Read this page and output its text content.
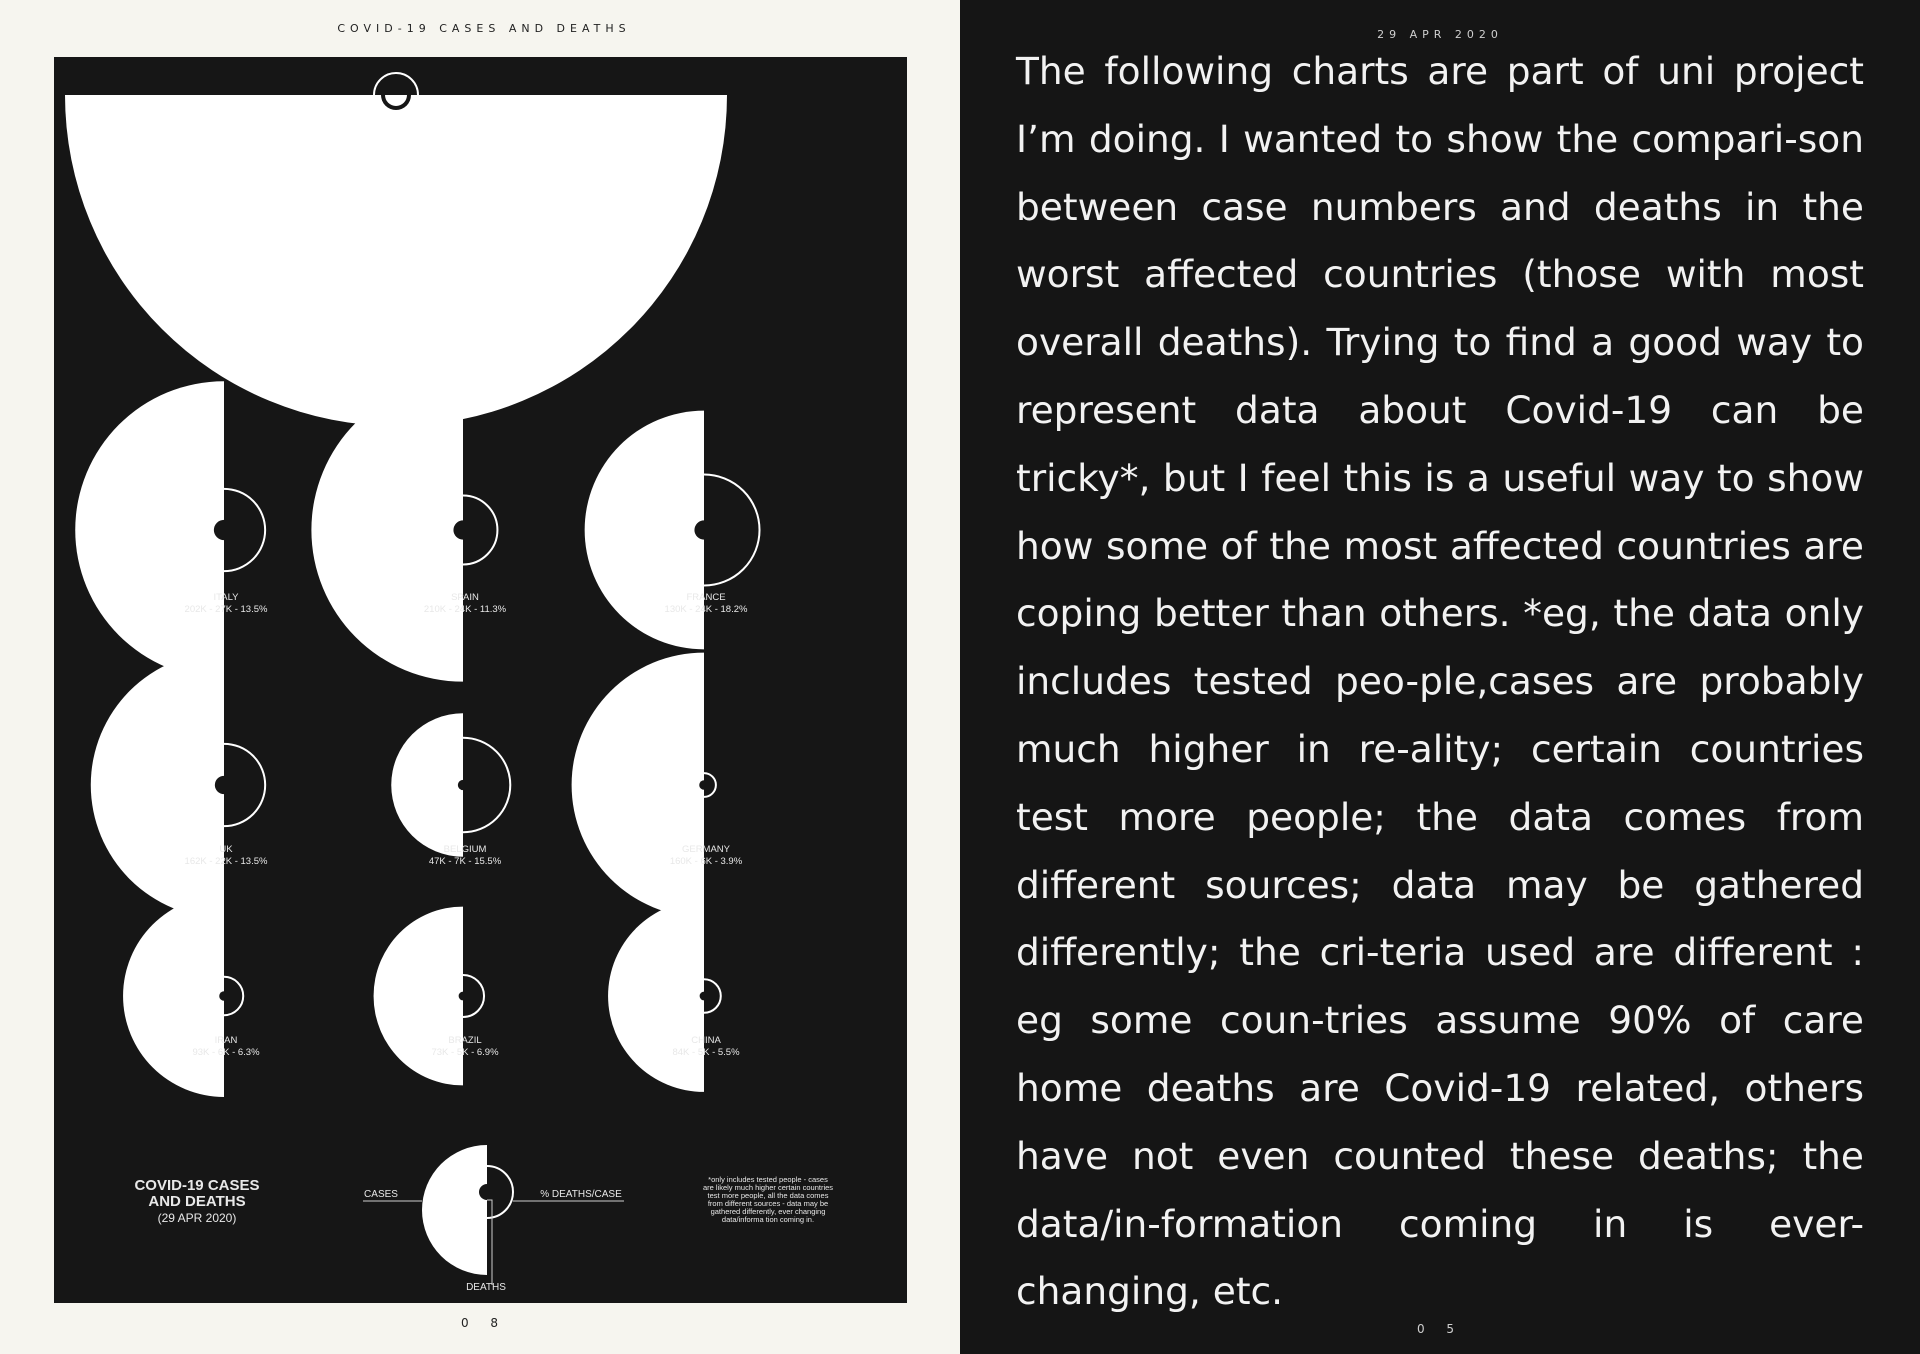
COVID-19 CASES AND DEATHS
ITALY
202K - 27K - 13.5%
SPAIN
210K - 24K - 11.3%
FRANCE
130K - 24K - 18.2%
UK
162K - 22K - 13.5%
BELGIUM
47K - 7K - 15.5%
GERMANY
160K - 6K - 3.9%
IRAN
93K - 6K - 6.3%
BRAZIL
73K - 5K - 6.9%
CHINA
84K - 5K - 5.5%
COVID-19 CASES
AND DEATHS
(29 APR 2020)
CASES	% DEATHS/CASE
DEATHS
*only includes tested people - cases
are likely much higher certain countries
test more people, all the data comes
from different sources - data may be
gathered differently, ever changing
data/informa tion coming in.
0 8
29 APR 2020

The following charts are part of uni project I’m doing. I wanted to show the compari-son between case numbers and deaths in the worst affected countries (those with most overall deaths). Trying to find a good way to represent data about Covid-19 can be tricky*, but I feel this is a useful way to show how some of the most affected countries are coping better than others. *eg, the data only includes tested peo-ple,cases are probably much higher in re-ality; certain countries test more people; the data comes from different sources; data may be gathered differently; the cri-teria used are different : eg some coun-tries assume 90% of care home deaths are Covid-19 related, others have not even counted these deaths; the data/in-formation coming in is ever-changing, etc.

0 5
